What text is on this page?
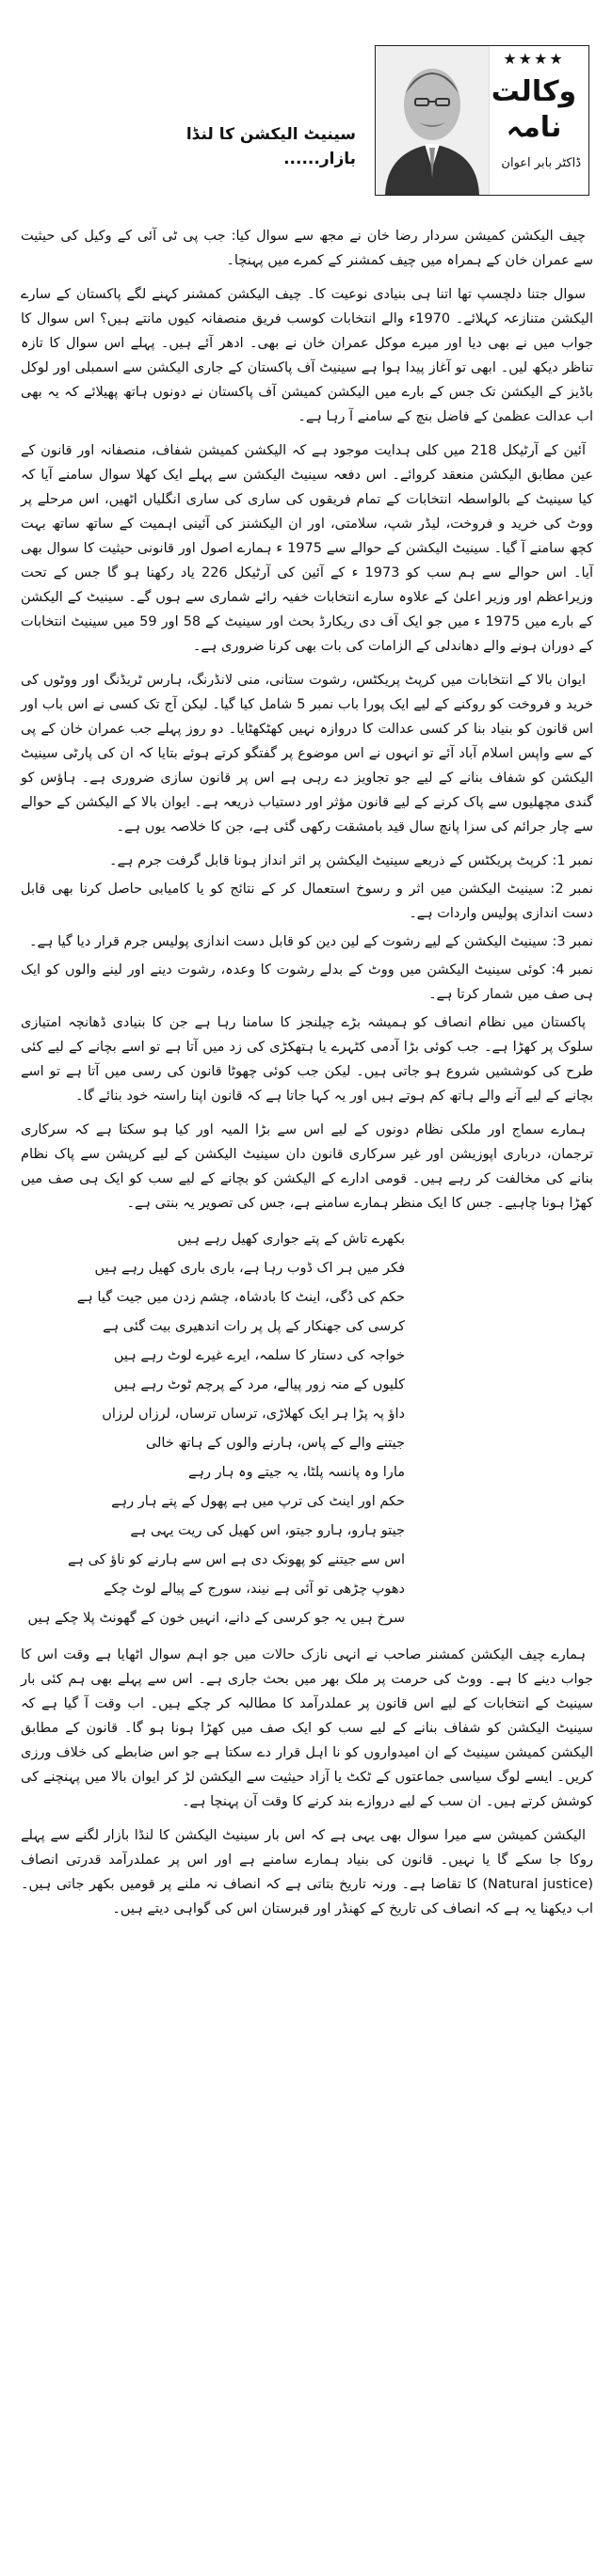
★★★★
وکالت نامہ
ڈاکٹر بابر اعوان
سینیٹ الیکشن کا لنڈا بازار......

چیف الیکشن کمیشن سردار رضا خان نے مجھ سے سوال کیا: جب پی ٹی آئی کے وکیل کی حیثیت سے عمران خان کے ہمراہ میں چیف کمشنر کے کمرے میں پہنچا۔

سوال جتنا دلچسپ تھا اتنا ہی بنیادی نوعیت کا۔ چیف الیکشن کمشنر کہنے لگے پاکستان کے سارے الیکشن متنازعہ کہلائے۔ 1970ء والے انتخابات کوسب فریق منصفانہ کیوں مانتے ہیں؟ اس سوال کا جواب میں نے بھی دیا اور میرے موکل عمران خان نے بھی۔ ادھر آئے ہیں۔ پہلے اس سوال کا تازہ تناظر دیکھ لیں۔ ابھی تو آغاز پیدا ہوا ہے سینیٹ آف پاکستان کے جاری الیکشن سے اسمبلی اور لوکل باڈیز کے الیکشن تک جس کے بارے میں الیکشن کمیشن آف پاکستان نے دونوں ہاتھ پھیلائے کہ یہ بھی اب عدالت عظمیٰ کے فاضل بنچ کے سامنے آ رہا ہے۔

آئین کے آرٹیکل 218 میں کلی ہدایت موجود ہے کہ الیکشن کمیشن شفاف، منصفانہ اور قانون کے عین مطابق الیکشن منعقد کروائے۔ اس دفعہ سینیٹ الیکشن سے پہلے ایک کھلا سوال سامنے آیا کہ کیا سینیٹ کے بالواسطہ انتخابات کے تمام فریقوں کی ساری کی ساری انگلیاں اٹھیں، اس مرحلے پر ووٹ کی خرید و فروخت، لیڈر شپ، سلامتی، اور ان الیکشنز کی آئینی اہمیت کے ساتھ ساتھ بہت کچھ سامنے آ گیا۔ سینیٹ الیکشن کے حوالے سے 1975 ء ہمارے اصول اور قانونی حیثیت کا سوال بھی آیا۔ اس حوالے سے ہم سب کو 1973 ء کے آئین کی آرٹیکل 226 یاد رکھنا ہو گا جس کے تحت وزیراعظم اور وزیر اعلیٰ کے علاوہ سارے انتخابات خفیہ رائے شماری سے ہوں گے۔ سینیٹ کے الیکشن کے بارے میں 1975 ء میں جو ایک آف دی ریکارڈ بحث اور سینیٹ کے 58 اور 59 میں سینیٹ انتخابات کے دوران ہونے والے دھاندلی کے الزامات کی بات بھی کرنا ضروری ہے۔

ایوان بالا کے انتخابات میں کرپٹ پریکٹس، رشوت ستانی، منی لانڈرنگ، ہارس ٹریڈنگ اور ووٹوں کی خرید و فروخت کو روکنے کے لیے ایک پورا باب نمبر 5 شامل کیا گیا۔ لیکن آج تک کسی نے اس باب اور اس قانون کو بنیاد بنا کر کسی عدالت کا دروازہ نہیں کھٹکھٹایا۔ دو روز پہلے جب عمران خان کے پی کے سے واپس اسلام آباد آئے تو انہوں نے اس موضوع پر گفتگو کرتے ہوئے بتایا کہ ان کی پارٹی سینیٹ الیکشن کو شفاف بنانے کے لیے جو تجاویز دے رہی ہے اس پر قانون سازی ضروری ہے۔ ہاؤس کو گندی مچھلیوں سے پاک کرنے کے لیے قانون مؤثر اور دستیاب ذریعہ ہے۔ ایوان بالا کے الیکشن کے حوالے سے چار جرائم کی سزا پانچ سال قید بامشقت رکھی گئی ہے، جن کا خلاصہ یوں ہے۔

نمبر 1: کرپٹ پریکٹس کے ذریعے سینیٹ الیکشن پر اثر انداز ہونا قابل گرفت جرم ہے۔

نمبر 2: سینیٹ الیکشن میں اثر و رسوخ استعمال کر کے نتائج کو یا کامیابی حاصل کرنا بھی قابل دست اندازی پولیس واردات ہے۔

نمبر 3: سینیٹ الیکشن کے لیے رشوت کے لین دین کو قابل دست اندازی پولیس جرم قرار دیا گیا ہے۔

نمبر 4: کوئی سینیٹ الیکشن میں ووٹ کے بدلے رشوت کا وعدہ، رشوت دینے اور لینے والوں کو ایک ہی صف میں شمار کرتا ہے۔

پاکستان میں نظام انصاف کو ہمیشہ بڑے چیلنجز کا سامنا رہا ہے جن کا بنیادی ڈھانچہ امتیازی سلوک پر کھڑا ہے۔ جب کوئی بڑا آدمی کٹہرے یا ہتھکڑی کی زد میں آتا ہے تو اسے بچانے کے لیے کئی طرح کی کوششیں شروع ہو جاتی ہیں۔ لیکن جب کوئی چھوٹا قانون کی رسی میں آتا ہے تو اسے بچانے کے لیے آنے والے ہاتھ کم ہوتے ہیں اور یہ کہا جاتا ہے کہ قانون اپنا راستہ خود بنائے گا۔

ہمارے سماج اور ملکی نظام دونوں کے لیے اس سے بڑا المیہ اور کیا ہو سکتا ہے کہ سرکاری ترجمان، درباری اپوزیشن اور غیر سرکاری قانون دان سینیٹ الیکشن کے لیے کرپشن سے پاک نظام بنانے کی مخالفت کر رہے ہیں۔ قومی ادارے کے الیکشن کو بچانے کے لیے سب کو ایک ہی صف میں کھڑا ہونا چاہیے۔ جس کا ایک منظر ہمارے سامنے ہے، جس کی تصویر یہ بنتی ہے۔

بکھرے تاش کے پتے جواری کھیل رہے ہیں
فکر میں ہر اک ڈوب رہا ہے، باری باری کھیل رہے ہیں
حکم کی دُگی، اینٹ کا بادشاہ، چشم زدن میں جیت گیا ہے
کرسی کی جھنکار کے پل پر رات اندھیری بیت گئی ہے
خواجہ کی دستار کا سلمہ، ایرے غیرے لوٹ رہے ہیں
کلیوں کے منہ زور پیالے، مرد کے پرچم ٹوٹ رہے ہیں
داؤ پہ پڑا ہر ایک کھلاڑی، ترساں ترساں، لرزاں لرزاں
جیتنے والے کے پاس، ہارنے والوں کے ہاتھ خالی
مارا وہ پانسہ پلٹا، یہ جیتے وہ ہار رہے
حکم اور اینٹ کی ترپ میں ہے پھول کے پتے ہار رہے
جیتو ہارو، ہارو جیتو، اس کھیل کی ریت یہی ہے
اس سے جیتنے کو پھونک دی ہے اس سے ہارنے کو ناؤ کی ہے
دھوپ چڑھی تو آئی ہے نیند، سورج کے پیالے لوٹ چکے
سرخ ہیں یہ جو کرسی کے دانے، انہیں خون کے گھونٹ پلا چکے ہیں

ہمارے چیف الیکشن کمشنر صاحب نے انہی نازک حالات میں جو اہم سوال اٹھایا ہے وقت اس کا جواب دینے کا ہے۔ ووٹ کی حرمت پر ملک بھر میں بحث جاری ہے۔ اس سے پہلے بھی ہم کئی بار سینیٹ کے انتخابات کے لیے اس قانون پر عملدرآمد کا مطالبہ کر چکے ہیں۔ اب وقت آ گیا ہے کہ سینیٹ الیکشن کو شفاف بنانے کے لیے سب کو ایک صف میں کھڑا ہونا ہو گا۔ قانون کے مطابق الیکشن کمیشن سینیٹ کے ان امیدواروں کو نا اہل قرار دے سکتا ہے جو اس ضابطے کی خلاف ورزی کریں۔ ایسے لوگ سیاسی جماعتوں کے ٹکٹ یا آزاد حیثیت سے الیکشن لڑ کر ایوان بالا میں پہنچنے کی کوشش کرتے ہیں۔ ان سب کے لیے دروازے بند کرنے کا وقت آن پہنچا ہے۔

الیکشن کمیشن سے میرا سوال بھی یہی ہے کہ اس بار سینیٹ الیکشن کا لنڈا بازار لگنے سے پہلے روکا جا سکے گا یا نہیں۔ قانون کی بنیاد ہمارے سامنے ہے اور اس پر عملدرآمد قدرتی انصاف (Natural justice) کا تقاضا ہے۔ ورنہ تاریخ بتاتی ہے کہ انصاف نہ ملنے پر قومیں بکھر جاتی ہیں۔ اب دیکھنا یہ ہے کہ انصاف کی تاریخ کے کھنڈر اور قبرستان اس کی گواہی دیتے ہیں۔
